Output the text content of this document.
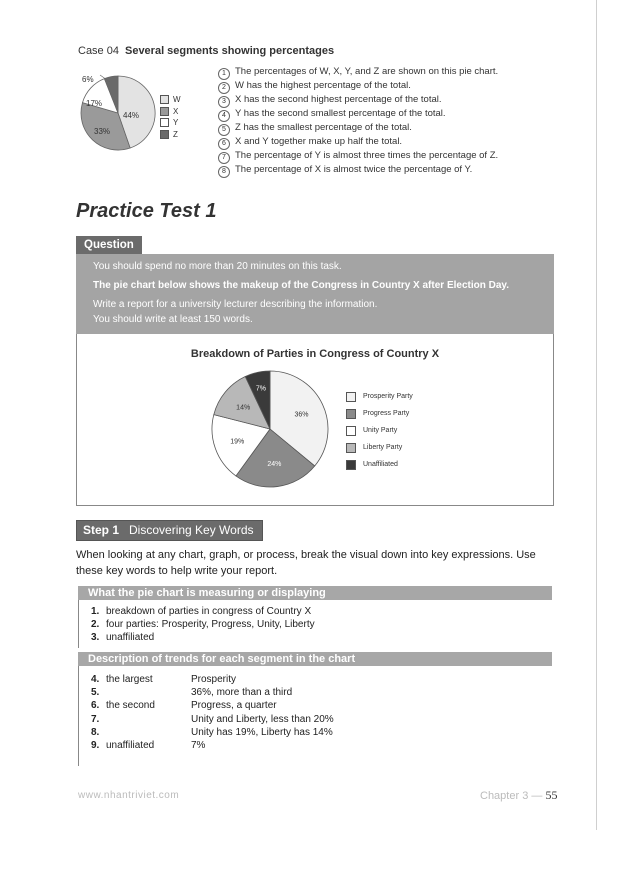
Case 04 Several segments showing percentages
6%
17%
44%
33%
W
X
Y
Z
1 The percentages of W, X, Y, and Z are shown on this pie chart.
2 W has the highest percentage of the total.
3 X has the second highest percentage of the total.
4 Y has the second smallest percentage of the total.
5 Z has the smallest percentage of the total.
6 X and Y together make up half the total.
7 The percentage of Y is almost three times the percentage of Z.
8 The percentage of X is almost twice the percentage of Y.
Practice Test 1
Question

You should spend no more than 20 minutes on this task.

The pie chart below shows the makeup of the Congress in Country X after Election Day.

Write a report for a university lecturer describing the information.

You should write at least 150 words.

Breakdown of Parties in Congress of Country X
36%
24%
19%
14%
7%
Prosperity Party
Progress Party
Unity Party
Liberty Party
Unaffiliated
Step 1 Discovering Key Words
When looking at any chart, graph, or process, break the visual down into key expressions. Use these key words to help write your report.
What the pie chart is measuring or displaying
1. breakdown of parties in congress of Country X
2. four parties: Prosperity, Progress, Unity, Liberty
3. unaffiliated
Description of trends for each segment in the chart
4. the largest	Prosperity
5.	36%, more than a third
6. the second	Progress, a quarter
7.	Unity and Liberty, less than 20%
8.	Unity has 19%, Liberty has 14%
9. unaffiliated	7%
www.nhantriviet.com	Chapter 3 — 55
